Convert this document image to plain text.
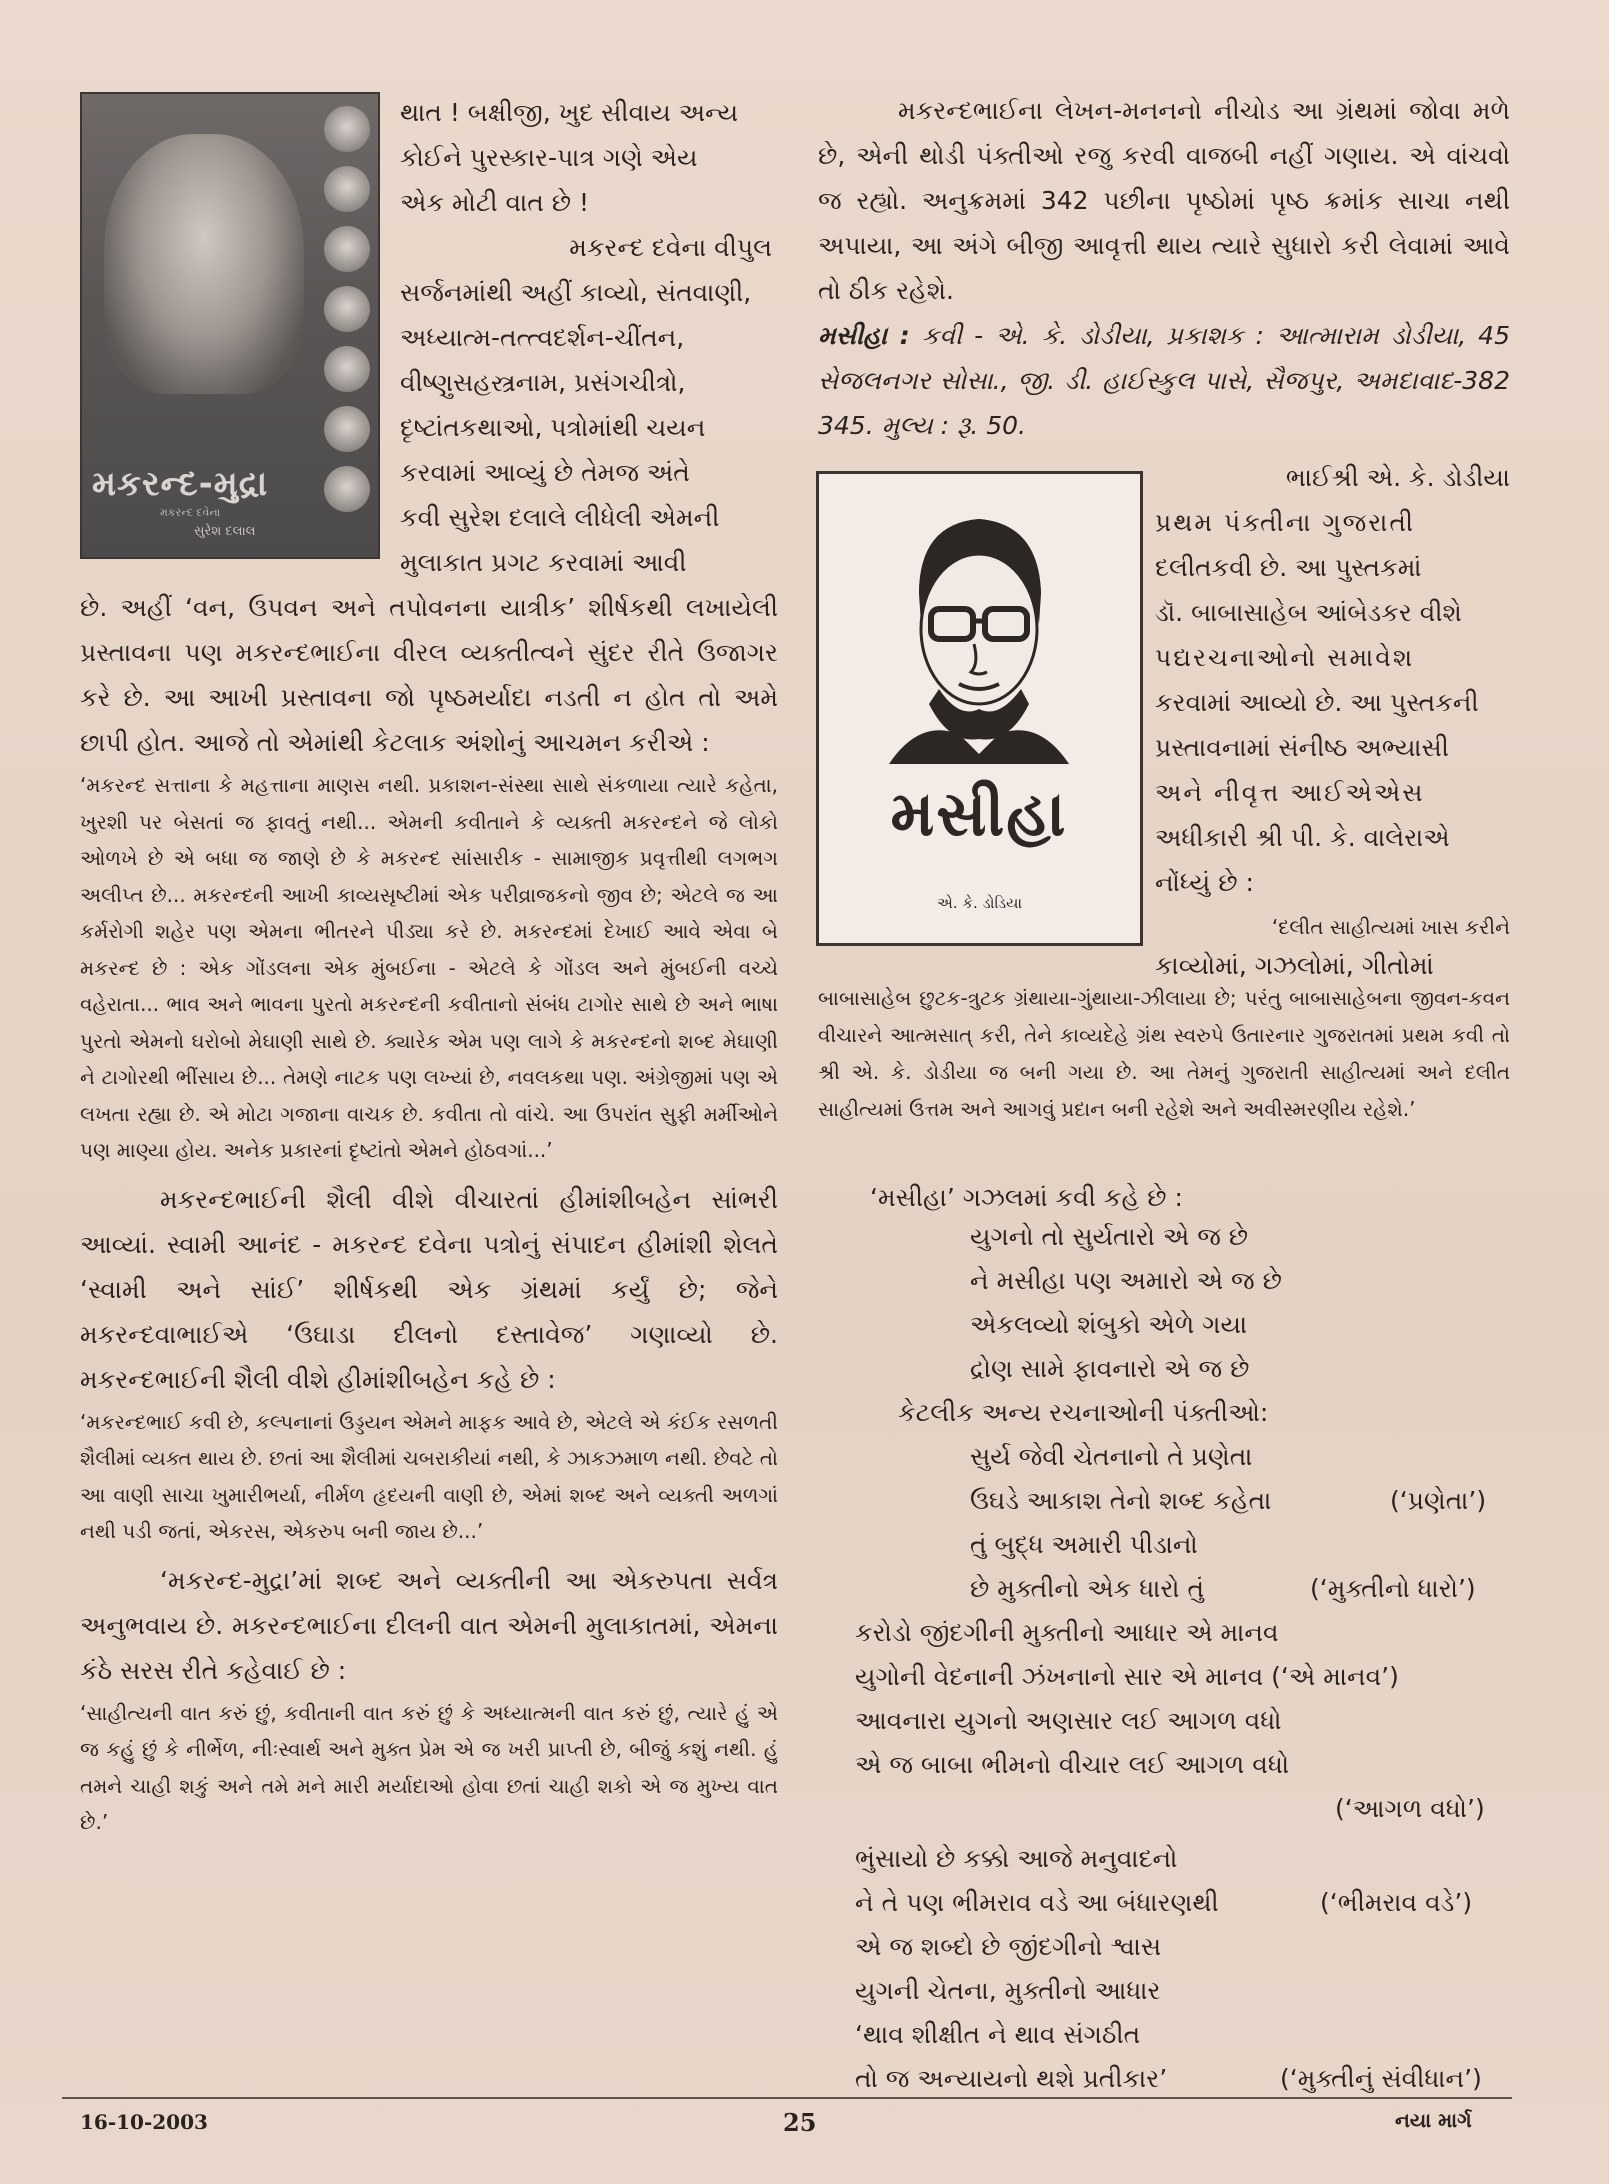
મકરન્દ-મુદ્રા
મકરન્દ દવેના
સુરેશ દલાલ

થાત ! બક્ષીજી, ખુદ સીવાય અન્ય

કોઈને પુરસ્કાર-પાત્ર ગણે એય

એક મોટી વાત છે !

મકરન્દ દવેના વીપુલ

સર્જનમાંથી અહીં કાવ્યો, સંતવાણી,

અધ્યાત્મ-તત્ત્વદર્શન-ચીંતન,

વીષ્ણુસહસ્ત્રનામ, પ્રસંગચીત્રો,

દૃષ્ટાંતકથાઓ, પત્રોમાંથી ચયન

કરવામાં આવ્યું છે તેમજ અંતે

કવી સુરેશ દલાલે લીધેલી એમની

મુલાકાત પ્રગટ કરવામાં આવી

છે. અહીં ‘વન, ઉપવન અને તપોવનના યાત્રીક’ શીર્ષકથી લખાયેલી પ્રસ્તાવના પણ મકરન્દભાઈના વીરલ વ્યક્તીત્વને સુંદર રીતે ઉજાગર કરે છે. આ આખી પ્રસ્તાવના જો પૃષ્ઠમર્યાદા નડતી ન હોત તો અમે છાપી હોત. આજે તો એમાંથી કેટલાક અંશોનું આચમન કરીએ :

‘મકરન્દ સત્તાના કે મહત્તાના માણસ નથી. પ્રકાશન-સંસ્થા સાથે સંકળાયા ત્યારે કહેતા, ખુરશી પર બેસતાં જ ફાવતું નથી... એમની કવીતાને કે વ્યક્તી મકરન્દને જે લોકો ઓળખે છે એ બધા જ જાણે છે કે મકરન્દ સાંસારીક - સામાજીક પ્રવૃત્તીથી લગભગ અલીપ્ત છે... મકરન્દની આખી કાવ્યસૃષ્ટીમાં એક પરીવ્રાજકનો જીવ છે; એટલે જ આ કર્મરોગી શહેર પણ એમના ભીતરને પીડ્યા કરે છે. મકરન્દમાં દેખાઈ આવે એવા બે મકરન્દ છે : એક ગોંડલના એક મુંબઈના - એટલે કે ગોંડલ અને મુંબઈની વચ્ચે વહેરાતા... ભાવ અને ભાવના પુરતો મકરન્દની કવીતાનો સંબંધ ટાગોર સાથે છે અને ભાષા પુરતો એમનો ઘરોબો મેઘાણી સાથે છે. ક્યારેક એમ પણ લાગે કે મકરન્દનો શબ્દ મેઘાણી ને ટાગોરથી ભીંસાય છે... તેમણે નાટક પણ લખ્યાં છે, નવલકથા પણ. અંગ્રેજીમાં પણ એ લખતા રહ્યા છે. એ મોટા ગજાના વાચક છે. કવીતા તો વાંચે. આ ઉપરાંત સુફી મર્મીઓને પણ માણ્યા હોય. અનેક પ્રકારનાં દૃષ્ટાંતો એમને હોઠવગાં...’

મકરન્દભાઈની શૈલી વીશે વીચારતાં હીમાંશીબહેન સાંભરી આવ્યાં. સ્વામી આનંદ - મકરન્દ દવેના પત્રોનું સંપાદન હીમાંશી શેલતે ‘સ્વામી અને સાંઈ’ શીર્ષકથી એક ગ્રંથમાં કર્યું છે; જેને મકરન્દવાભાઈએ ‘ઉઘાડા દીલનો દસ્તાવેજ’ ગણાવ્યો છે. મકરન્દભાઈની શૈલી વીશે હીમાંશીબહેન કહે છે :

‘મકરન્દભાઈ કવી છે, કલ્પનાનાં ઉડ્ડયન એમને માફક આવે છે, એટલે એ કંઈક રસળતી શૈલીમાં વ્યક્ત થાય છે. છતાં આ શૈલીમાં ચબરાકીયાં નથી, કે ઝાકઝમાળ નથી. છેવટે તો આ વાણી સાચા ખુમારીભર્યા, નીર્મળ હૃદયની વાણી છે, એમાં શબ્દ અને વ્યક્તી અળગાં નથી પડી જતાં, એકરસ, એકરુપ બની જાય છે...’

‘મકરન્દ-મુદ્રા’માં શબ્દ અને વ્યક્તીની આ એકરુપતા સર્વત્ર અનુભવાય છે. મકરન્દભાઈના દીલની વાત એમની મુલાકાતમાં, એમના કંઠે સરસ રીતે કહેવાઈ છે :

‘સાહીત્યની વાત કરું છું, કવીતાની વાત કરું છું કે અધ્યાત્મની વાત કરું છું, ત્યારે હું એ જ કહું છું કે નીર્ભેળ, નીઃસ્વાર્થ અને મુક્ત પ્રેમ એ જ ખરી પ્રાપ્તી છે, બીજું કશું નથી. હું તમને ચાહી શકું અને તમે મને મારી મર્યાદાઓ હોવા છતાં ચાહી શકો એ જ મુખ્ય વાત છે.’

મકરન્દભાઈના લેખન-મનનનો નીચોડ આ ગ્રંથમાં જોવા મળે છે, એની થોડી પંક્તીઓ રજુ કરવી વાજબી નહીં ગણાય. એ વાંચવો જ રહ્યો. અનુક્રમમાં 342 પછીના પૃષ્ઠોમાં પૃષ્ઠ ક્રમાંક સાચા નથી અપાયા, આ અંગે બીજી આવૃત્તી થાય ત્યારે સુધારો કરી લેવામાં આવે તો ઠીક રહેશે.

મસીહા : કવી - એ. કે. ડોડીયા, પ્રકાશક : આત્મારામ ડોડીયા, 45 સેજલનગર સોસા., જી. ડી. હાઈસ્કુલ પાસે, સૈજપુર, અમદાવાદ-382 345. મુલ્ય : રૂ. 50.

મસીહા
એ. કે. ડોડિયા

ભાઈશ્રી એ. કે. ડોડીયા

પ્રથમ પંક્તીના ગુજરાતી

દલીતકવી છે. આ પુસ્તકમાં

ડૉ. બાબાસાહેબ આંબેડકર વીશે

પદ્યરચનાઓનો સમાવેશ

કરવામાં આવ્યો છે. આ પુસ્તકની

પ્રસ્તાવનામાં સંનીષ્ઠ અભ્યાસી

અને નીવૃત્ત આઈએએસ

અધીકારી શ્રી પી. કે. વાલેરાએ

નોંધ્યું છે :

‘દલીત સાહીત્યમાં ખાસ કરીને

કાવ્યોમાં, ગઝલોમાં, ગીતોમાં

બાબાસાહેબ છુટક-ત્રુટક ગ્રંથાયા-ગુંથાયા-ઝીલાયા છે; પરંતુ બાબાસાહેબના જીવન-કવન વીચારને આત્મસાત્ કરી, તેને કાવ્યદેહે ગ્રંથ સ્વરુપે ઉતારનાર ગુજરાતમાં પ્રથમ કવી તો શ્રી એ. કે. ડોડીયા જ બની ગયા છે. આ તેમનું ગુજરાતી સાહીત્યમાં અને દલીત સાહીત્યમાં ઉત્તમ અને આગવું પ્રદાન બની રહેશે અને અવીસ્મરણીય રહેશે.’

‘મસીહા’ ગઝલમાં કવી કહે છે :

યુગનો તો સુર્યતારો એ જ છે
ને મસીહા પણ અમારો એ જ છે
એકલવ્યો શંબુકો એળે ગયા
દ્રોણ સામે ફાવનારો એ જ છે
કેટલીક અન્ય રચનાઓની પંક્તીઓ:
સુર્ય જેવી ચેતનાનો તે પ્રણેતા
ઉઘડે આકાશ તેનો શબ્દ કહેતા	(‘પ્રણેતા’)
તું બુદ્ધ અમારી પીડાનો
છે મુક્તીનો એક ધારો તું	(‘મુક્તીનો ધારો’)
કરોડો જીંદગીની મુક્તીનો આધાર એ માનવ
યુગોની વેદનાની ઝંખનાનો સાર એ માનવ (‘એ માનવ’)
આવનારા યુગનો અણસાર લઈ આગળ વધો
એ જ બાબા ભીમનો વીચાર લઈ આગળ વધો
(‘આગળ વધો’)
ભુંસાયો છે કક્કો આજે મનુવાદનો
ને તે પણ ભીમરાવ વડે આ બંધારણથી	(‘ભીમરાવ વડે’)
એ જ શબ્દો છે જીંદગીનો શ્વાસ
યુગની ચેતના, મુક્તીનો આધાર
‘થાવ શીક્ષીત ને થાવ સંગઠીત
તો જ અન્યાયનો થશે પ્રતીકાર’	(‘મુક્તીનું સંવીધાન’)
16-10-2003	25	નયા માર્ગ
